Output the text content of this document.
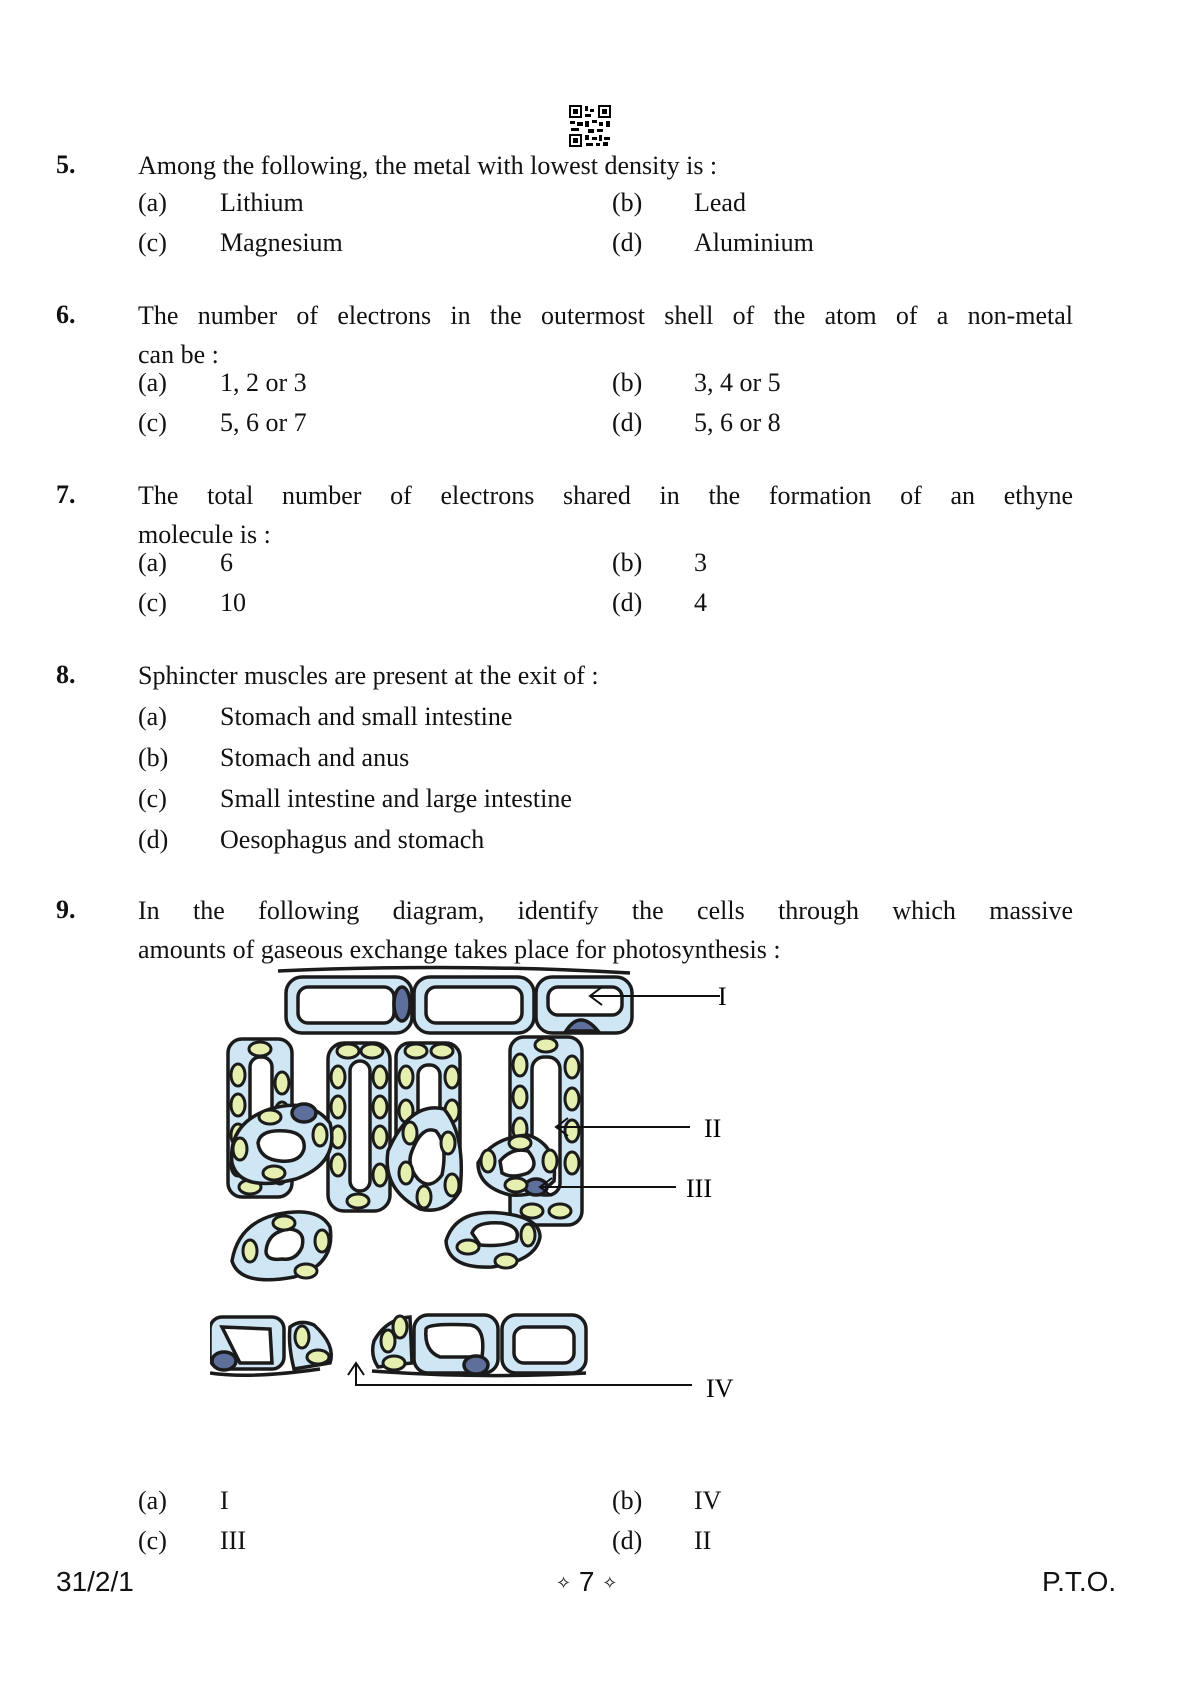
5. Among the following, the metal with lowest density is :
(a) Lithium	(b) Lead
(c) Magnesium	(d) Aluminium
6. The number of electrons in the outermost shell of the atom of a non-metal
can be :
(a) 1, 2 or 3	(b) 3, 4 or 5
(c) 5, 6 or 7	(d) 5, 6 or 8
7. The total number of electrons shared in the formation of an ethyne
molecule is :
(a) 6	(b) 3
(c) 10	(d) 4
8. Sphincter muscles are present at the exit of :
(a) Stomach and small intestine
(b) Stomach and anus
(c) Small intestine and large intestine
(d) Oesophagus and stomach
9. In the following diagram, identify the cells through which massive
amounts of gaseous exchange takes place for photosynthesis :
I
II
III
IV
(a) I	(b) IV
(c) III	(d) II
31/2/1	✧ 7 ✧	P.T.O.
